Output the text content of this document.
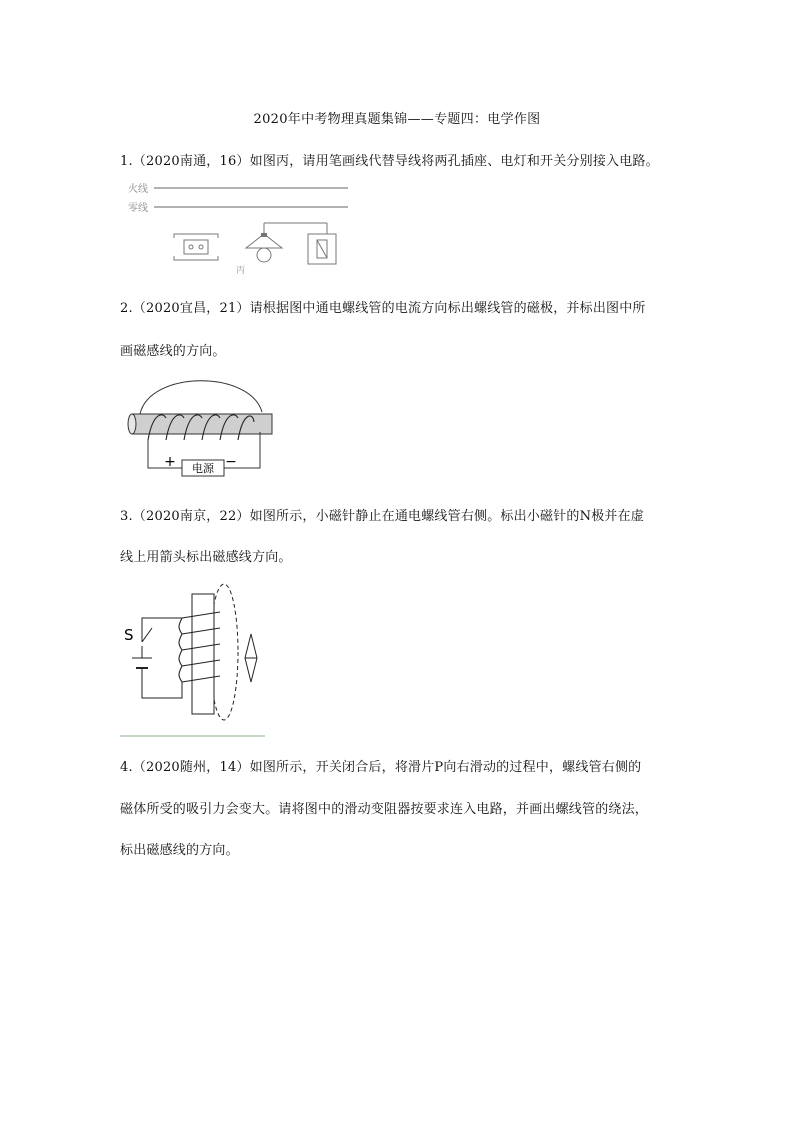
2020年中考物理真题集锦——专题四：电学作图
1.（2020南通，16）如图丙，请用笔画线代替导线将两孔插座、电灯和开关分别接入电路。
火线
零线
丙
2.（2020宜昌，21）请根据图中通电螺线管的电流方向标出螺线管的磁极，并标出图中所
画磁感线的方向。
电源
+	−
3.（2020南京，22）如图所示，小磁针静止在通电螺线管右侧。标出小磁针的N极并在虚
线上用箭头标出磁感线方向。
S
4.（2020随州，14）如图所示，开关闭合后，将滑片P向右滑动的过程中，螺线管右侧的
磁体所受的吸引力会变大。请将图中的滑动变阻器按要求连入电路，并画出螺线管的绕法，
标出磁感线的方向。
